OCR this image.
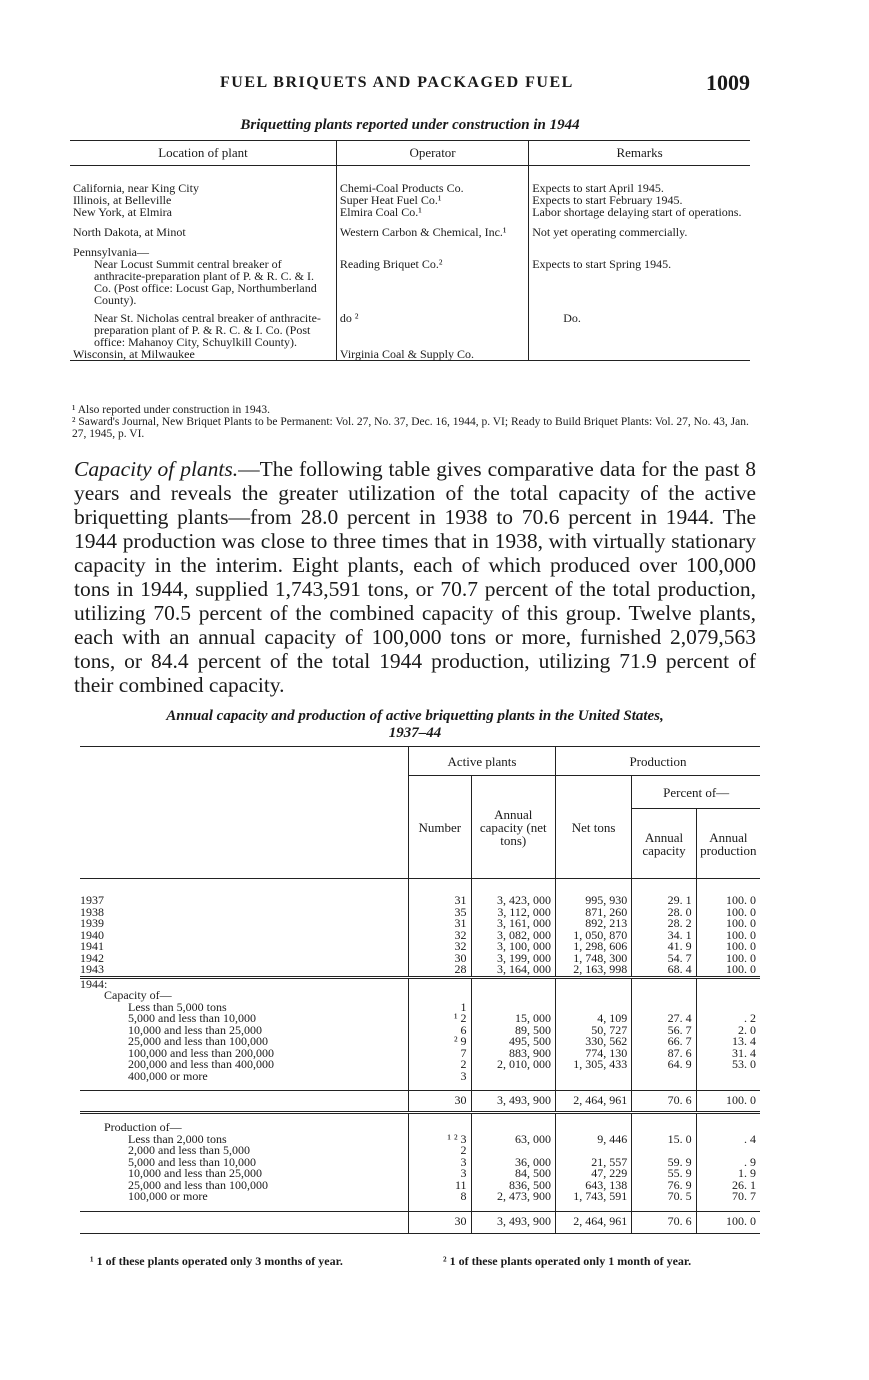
FUEL BRIQUETS AND PACKAGED FUEL	1009
Briquetting plants reported under construction in 1944
Location of plant	Operator	Remarks
California, near King City	Chemi-Coal Products Co.	Expects to start April 1945.
Illinois, at Belleville	Super Heat Fuel Co.¹	Expects to start February 1945.
New York, at Elmira	Elmira Coal Co.¹	Labor shortage delaying start of operations.
North Dakota, at Minot	Western Carbon & Chemical, Inc.¹	Not yet operating commercially.
Pennsylvania—		
Near Locust Summit central breaker of anthracite-preparation plant of P. & R. C. & I. Co. (Post office: Locust Gap, Northumberland County).	Reading Briquet Co.²	Expects to start Spring 1945.
Near St. Nicholas central breaker of anthracite-preparation plant of P. & R. C. & I. Co. (Post office: Mahanoy City, Schuylkill County).	do ²	Do.
Wisconsin, at Milwaukee	Virginia Coal & Supply Co.	
¹ Also reported under construction in 1943.
² Saward's Journal, New Briquet Plants to be Permanent: Vol. 27, No. 37, Dec. 16, 1944, p. VI; Ready to Build Briquet Plants: Vol. 27, No. 43, Jan. 27, 1945, p. VI.
Capacity of plants.—The following table gives comparative data for the past 8 years and reveals the greater utilization of the total capacity of the active briquetting plants—from 28.0 percent in 1938 to 70.6 percent in 1944. The 1944 production was close to three times that in 1938, with virtually stationary capacity in the interim. Eight plants, each of which produced over 100,000 tons in 1944, supplied 1,743,591 tons, or 70.7 percent of the total production, utilizing 70.5 percent of the combined capacity of this group. Twelve plants, each with an annual capacity of 100,000 tons or more, furnished 2,079,563 tons, or 84.4 percent of the total 1944 production, utilizing 71.9 percent of their combined capacity.
Annual capacity and production of active briquetting plants in the United States,
1937–44
	Active plants		Production		
	Number	Annual capacity (net tons)	Net tons	Percent of—	
				Annual capacity	Annual production

1937	31	3, 423, 000	995, 930	29. 1	100. 0
1938	35	3, 112, 000	871, 260	28. 0	100. 0
1939	31	3, 161, 000	892, 213	28. 2	100. 0
1940	32	3, 082, 000	1, 050, 870	34. 1	100. 0
1941	32	3, 100, 000	1, 298, 606	41. 9	100. 0
1942	30	3, 199, 000	1, 748, 300	54. 7	100. 0
1943	28	3, 164, 000	2, 163, 998	68. 4	100. 0
1944:					
Capacity of—					
Less than 5,000 tons	1				
5,000 and less than 10,000	¹ 2	15, 000	4, 109	27. 4	. 2
10,000 and less than 25,000	6	89, 500	50, 727	56. 7	2. 0
25,000 and less than 100,000	² 9	495, 500	330, 562	66. 7	13. 4
100,000 and less than 200,000	7	883, 900	774, 130	87. 6	31. 4
200,000 and less than 400,000	2	2, 010, 000	1, 305, 433	64. 9	53. 0
400,000 or more	3				

	30	3, 493, 900	2, 464, 961	70. 6	100. 0

Production of—					
Less than 2,000 tons	¹ ² 3	63, 000	9, 446	15. 0	. 4
2,000 and less than 5,000	2				
5,000 and less than 10,000	3	36, 000	21, 557	59. 9	. 9
10,000 and less than 25,000	3	84, 500	47, 229	55. 9	1. 9
25,000 and less than 100,000	11	836, 500	643, 138	76. 9	26. 1
100,000 or more	8	2, 473, 900	1, 743, 591	70. 5	70. 7

	30	3, 493, 900	2, 464, 961	70. 6	100. 0
¹ 1 of these plants operated only 3 months of year.	² 1 of these plants operated only 1 month of year.
